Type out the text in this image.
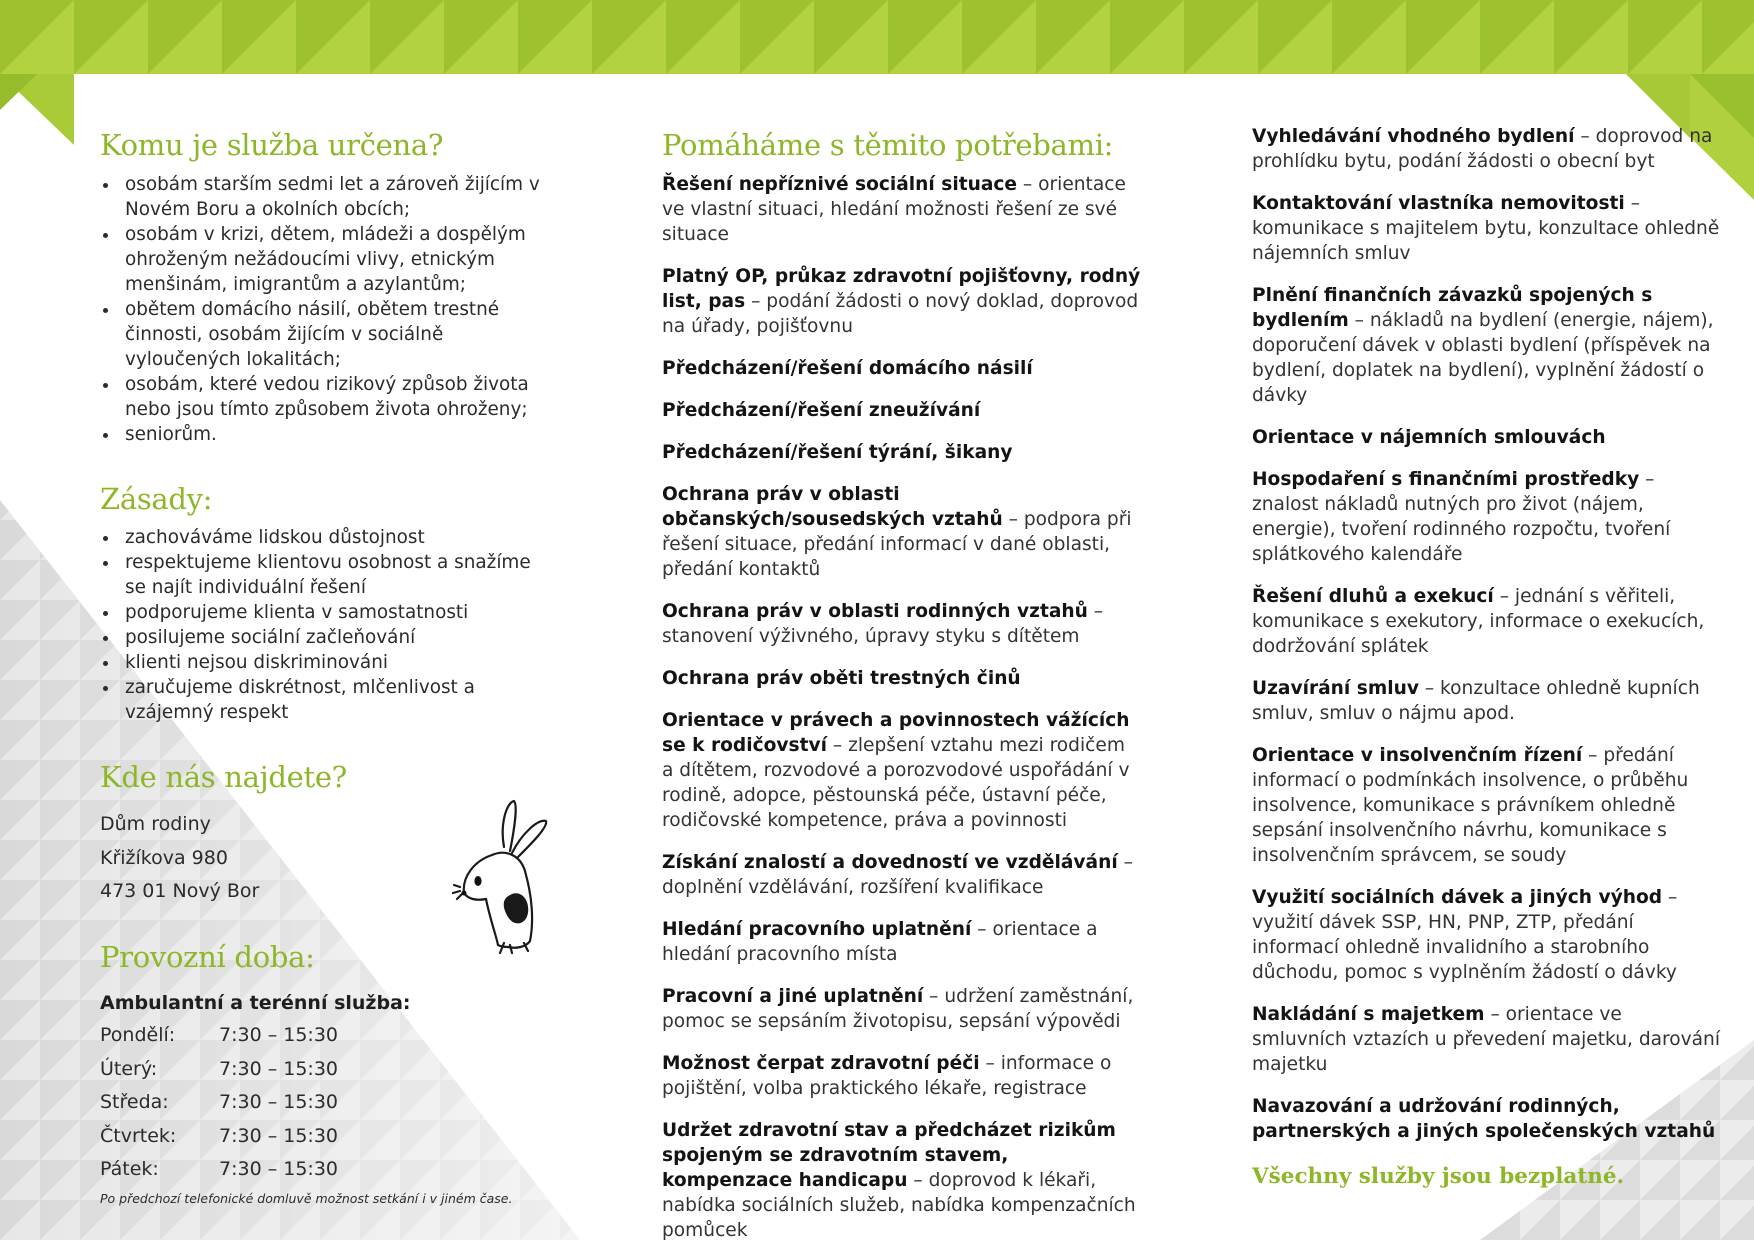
Komu je služba určena?
osobám starším sedmi let a zároveň žijícím v Novém Boru a okolních obcích;
osobám v krizi, dětem, mládeži a dospělým ohroženým nežádoucími vlivy, etnickým menšinám, imigrantům a azylantům;
obětem domácího násilí, obětem trestné činnosti, osobám žijícím v sociálně vyloučených lokalitách;
osobám, které vedou rizikový způsob života nebo jsou tímto způsobem života ohroženy;
seniorům.
Zásady:
zachováváme lidskou důstojnost
respektujeme klientovu osobnost a snažíme se najít individuální řešení
podporujeme klienta v samostatnosti
posilujeme sociální začleňování
klienti nejsou diskriminováni
zaručujeme diskrétnost, mlčenlivost a vzájemný respekt
Kde nás najdete?
Dům rodiny
Křižíkova 980
473 01 Nový Bor
Provozní doba:
Ambulantní a terénní služba:
Pondělí:	7:30 – 15:30
Úterý:	7:30 – 15:30
Středa:	7:30 – 15:30
Čtvrtek:	7:30 – 15:30
Pátek:	7:30 – 15:30
Po předchozí telefonické domluvě možnost setkání i v jiném čase.
Pomáháme s těmito potřebami:
Řešení nepříznivé sociální situace – orientace ve vlastní situaci, hledání možnosti řešení ze své situace
Platný OP, průkaz zdravotní pojišťovny, rodný list, pas – podání žádosti o nový doklad, doprovod na úřady, pojišťovnu
Předcházení/řešení domácího násilí
Předcházení/řešení zneužívání
Předcházení/řešení týrání, šikany
Ochrana práv v oblasti občanských/sousedských vztahů – podpora při řešení situace, předání informací v dané oblasti, předání kontaktů
Ochrana práv v oblasti rodinných vztahů – stanovení výživného, úpravy styku s dítětem
Ochrana práv oběti trestných činů
Orientace v právech a povinnostech vážících se k rodičovství – zlepšení vztahu mezi rodičem a dítětem, rozvodové a porozvodové uspořádání v rodině, adopce, pěstounská péče, ústavní péče, rodičovské kompetence, práva a povinnosti
Získání znalostí a dovedností ve vzdělávání – doplnění vzdělávání, rozšíření kvalifikace
Hledání pracovního uplatnění – orientace a hledání pracovního místa
Pracovní a jiné uplatnění – udržení zaměstnání, pomoc se sepsáním životopisu, sepsání výpovědi
Možnost čerpat zdravotní péči – informace o pojištění, volba praktického lékaře, registrace
Udržet zdravotní stav a předcházet rizikům spojeným se zdravotním stavem, kompenzace handicapu – doprovod k lékaři, nabídka sociálních služeb, nabídka kompenzačních pomůcek
Vyhledávání vhodného bydlení – doprovod na prohlídku bytu, podání žádosti o obecní byt
Kontaktování vlastníka nemovitosti – komunikace s majitelem bytu, konzultace ohledně nájemních smluv
Plnění finančních závazků spojených s bydlením – nákladů na bydlení (energie, nájem), doporučení dávek v oblasti bydlení (příspěvek na bydlení, doplatek na bydlení), vyplnění žádostí o dávky
Orientace v nájemních smlouvách
Hospodaření s finančními prostředky – znalost nákladů nutných pro život (nájem, energie), tvoření rodinného rozpočtu, tvoření splátkového kalendáře
Řešení dluhů a exekucí – jednání s věřiteli, komunikace s exekutory, informace o exekucích, dodržování splátek
Uzavírání smluv – konzultace ohledně kupních smluv, smluv o nájmu apod.
Orientace v insolvenčním řízení – předání informací o podmínkách insolvence, o průběhu insolvence, komunikace s právníkem ohledně sepsání insolvenčního návrhu, komunikace s insolvenčním správcem, se soudy
Využití sociálních dávek a jiných výhod – využití dávek SSP, HN, PNP, ZTP, předání informací ohledně invalidního a starobního důchodu, pomoc s vyplněním žádostí o dávky
Nakládání s majetkem – orientace ve smluvních vztazích u převedení majetku, darování majetku
Navazování a udržování rodinných, partnerských a jiných společenských vztahů
Všechny služby jsou bezplatné.
